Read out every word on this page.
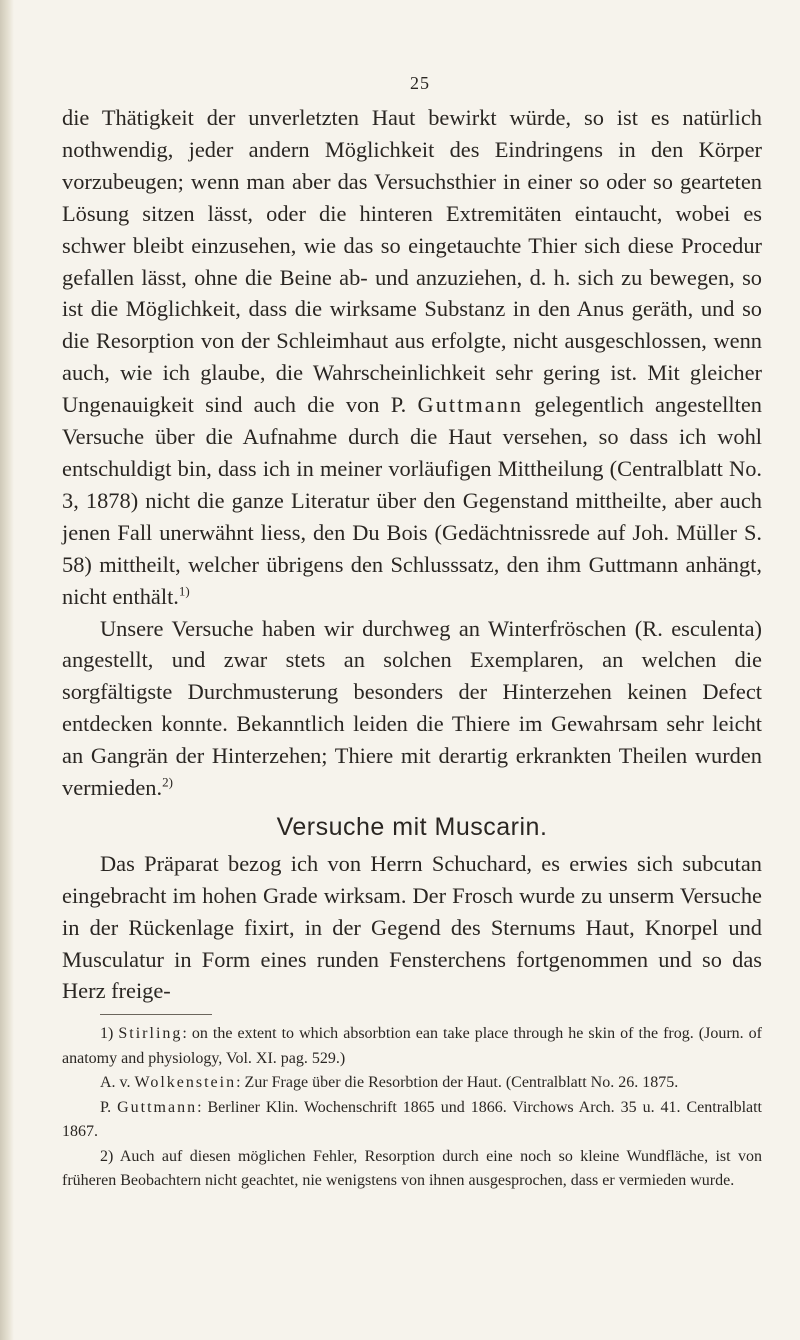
25

die Thätigkeit der unverletzten Haut bewirkt würde, so ist es natürlich nothwendig, jeder andern Möglichkeit des Eindringens in den Körper vorzubeugen; wenn man aber das Versuchsthier in einer so oder so gearteten Lösung sitzen lässt, oder die hinteren Extremitäten eintaucht, wobei es schwer bleibt einzusehen, wie das so eingetauchte Thier sich diese Procedur gefallen lässt, ohne die Beine ab- und anzuziehen, d. h. sich zu bewegen, so ist die Möglichkeit, dass die wirksame Substanz in den Anus geräth, und so die Resorption von der Schleimhaut aus erfolgte, nicht ausgeschlossen, wenn auch, wie ich glaube, die Wahrscheinlichkeit sehr gering ist. Mit gleicher Ungenauigkeit sind auch die von P. Guttmann gelegentlich angestellten Versuche über die Aufnahme durch die Haut versehen, so dass ich wohl entschuldigt bin, dass ich in meiner vorläufigen Mittheilung (Centralblatt No. 3, 1878) nicht die ganze Literatur über den Gegenstand mittheilte, aber auch jenen Fall unerwähnt liess, den Du Bois (Gedächtnissrede auf Joh. Müller S. 58) mittheilt, welcher übrigens den Schlusssatz, den ihm Guttmann anhängt, nicht enthält.$^{1)}$

Unsere Versuche haben wir durchweg an Winterfröschen (R. esculenta) angestellt, und zwar stets an solchen Exemplaren, an welchen die sorgfältigste Durchmusterung besonders der Hinterzehen keinen Defect entdecken konnte. Bekanntlich leiden die Thiere im Gewahrsam sehr leicht an Gangrän der Hinterzehen; Thiere mit derartig erkrankten Theilen wurden vermieden.$^{2)}$

Versuche mit Muscarin.

Das Präparat bezog ich von Herrn Schuchard, es erwies sich subcutan eingebracht im hohen Grade wirksam. Der Frosch wurde zu unserm Versuche in der Rückenlage fixirt, in der Gegend des Sternums Haut, Knorpel und Musculatur in Form eines runden Fensterchens fortgenommen und so das Herz freige-

1) Stirling: on the extent to which absorbtion ean take place through he skin of the frog. (Journ. of anatomy and physiology, Vol. XI. pag. 529.)

A. v. Wolkenstein: Zur Frage über die Resorbtion der Haut. (Centralblatt No. 26. 1875.

P. Guttmann: Berliner Klin. Wochenschrift 1865 und 1866. Virchows Arch. 35 u. 41. Centralblatt 1867.

2) Auch auf diesen möglichen Fehler, Resorption durch eine noch so kleine Wundfläche, ist von früheren Beobachtern nicht geachtet, nie wenigstens von ihnen ausgesprochen, dass er vermieden wurde.
